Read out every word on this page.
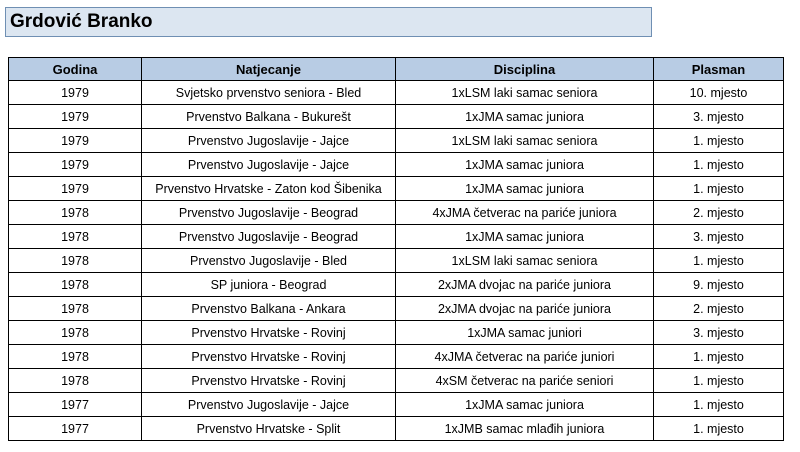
Grdović Branko
Godina	Natjecanje	Disciplina	Plasman
1979	Svjetsko prvenstvo seniora - Bled	1xLSM laki samac seniora	10. mjesto
1979	Prvenstvo Balkana - Bukurešt	1xJMA samac juniora	3. mjesto
1979	Prvenstvo Jugoslavije - Jajce	1xLSM laki samac seniora	1. mjesto
1979	Prvenstvo Jugoslavije - Jajce	1xJMA samac juniora	1. mjesto
1979	Prvenstvo Hrvatske - Zaton kod Šibenika	1xJMA samac juniora	1. mjesto
1978	Prvenstvo Jugoslavije - Beograd	4xJMA četverac na pariće juniora	2. mjesto
1978	Prvenstvo Jugoslavije - Beograd	1xJMA samac juniora	3. mjesto
1978	Prvenstvo Jugoslavije - Bled	1xLSM laki samac seniora	1. mjesto
1978	SP juniora - Beograd	2xJMA dvojac na pariće juniora	9. mjesto
1978	Prvenstvo Balkana - Ankara	2xJMA dvojac na pariće juniora	2. mjesto
1978	Prvenstvo Hrvatske - Rovinj	1xJMA samac juniori	3. mjesto
1978	Prvenstvo Hrvatske - Rovinj	4xJMA četverac na pariće juniori	1. mjesto
1978	Prvenstvo Hrvatske - Rovinj	4xSM četverac na pariće seniori	1. mjesto
1977	Prvenstvo Jugoslavije - Jajce	1xJMA samac juniora	1. mjesto
1977	Prvenstvo Hrvatske - Split	1xJMB samac mlađih juniora	1. mjesto
